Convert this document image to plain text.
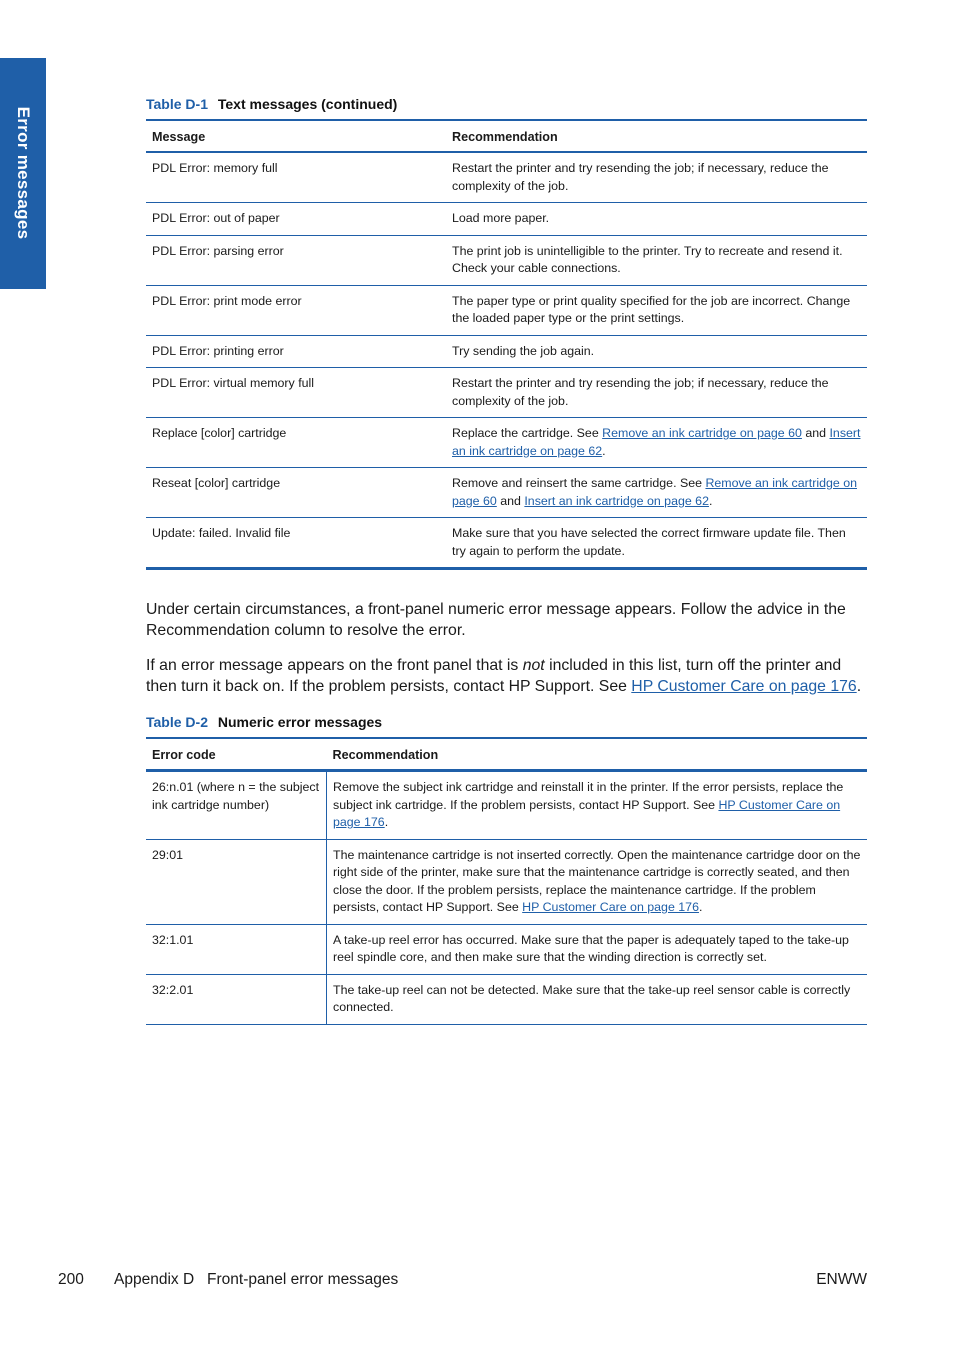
Error messages
Table D-1 Text messages (continued)
Message	Recommendation
PDL Error: memory full	Restart the printer and try resending the job; if necessary, reduce the complexity of the job.
PDL Error: out of paper	Load more paper.
PDL Error: parsing error	The print job is unintelligible to the printer. Try to recreate and resend it. Check your cable connections.
PDL Error: print mode error	The paper type or print quality specified for the job are incorrect. Change the loaded paper type or the print settings.
PDL Error: printing error	Try sending the job again.
PDL Error: virtual memory full	Restart the printer and try resending the job; if necessary, reduce the complexity of the job.
Replace [color] cartridge	Replace the cartridge. See Remove an ink cartridge on page 60 and Insert an ink cartridge on page 62.
Reseat [color] cartridge	Remove and reinsert the same cartridge. See Remove an ink cartridge on page 60 and Insert an ink cartridge on page 62.
Update: failed. Invalid file	Make sure that you have selected the correct firmware update file. Then try again to perform the update.

Under certain circumstances, a front-panel numeric error message appears. Follow the advice in the Recommendation column to resolve the error.

If an error message appears on the front panel that is not included in this list, turn off the printer and then turn it back on. If the problem persists, contact HP Support. See HP Customer Care on page 176.

Table D-2 Numeric error messages
Error code	Recommendation
26:n.01 (where n = the subject ink cartridge number)	Remove the subject ink cartridge and reinstall it in the printer. If the error persists, replace the subject ink cartridge. If the problem persists, contact HP Support. See HP Customer Care on page 176.
29:01	The maintenance cartridge is not inserted correctly. Open the maintenance cartridge door on the right side of the printer, make sure that the maintenance cartridge is correctly seated, and then close the door. If the problem persists, replace the maintenance cartridge. If the problem persists, contact HP Support. See HP Customer Care on page 176.
32:1.01	A take-up reel error has occurred. Make sure that the paper is adequately taped to the take-up reel spindle core, and then make sure that the winding direction is correctly set.
32:2.01	The take-up reel can not be detected. Make sure that the take-up reel sensor cable is correctly connected.
200 Appendix D   Front-panel error messages	ENWW
